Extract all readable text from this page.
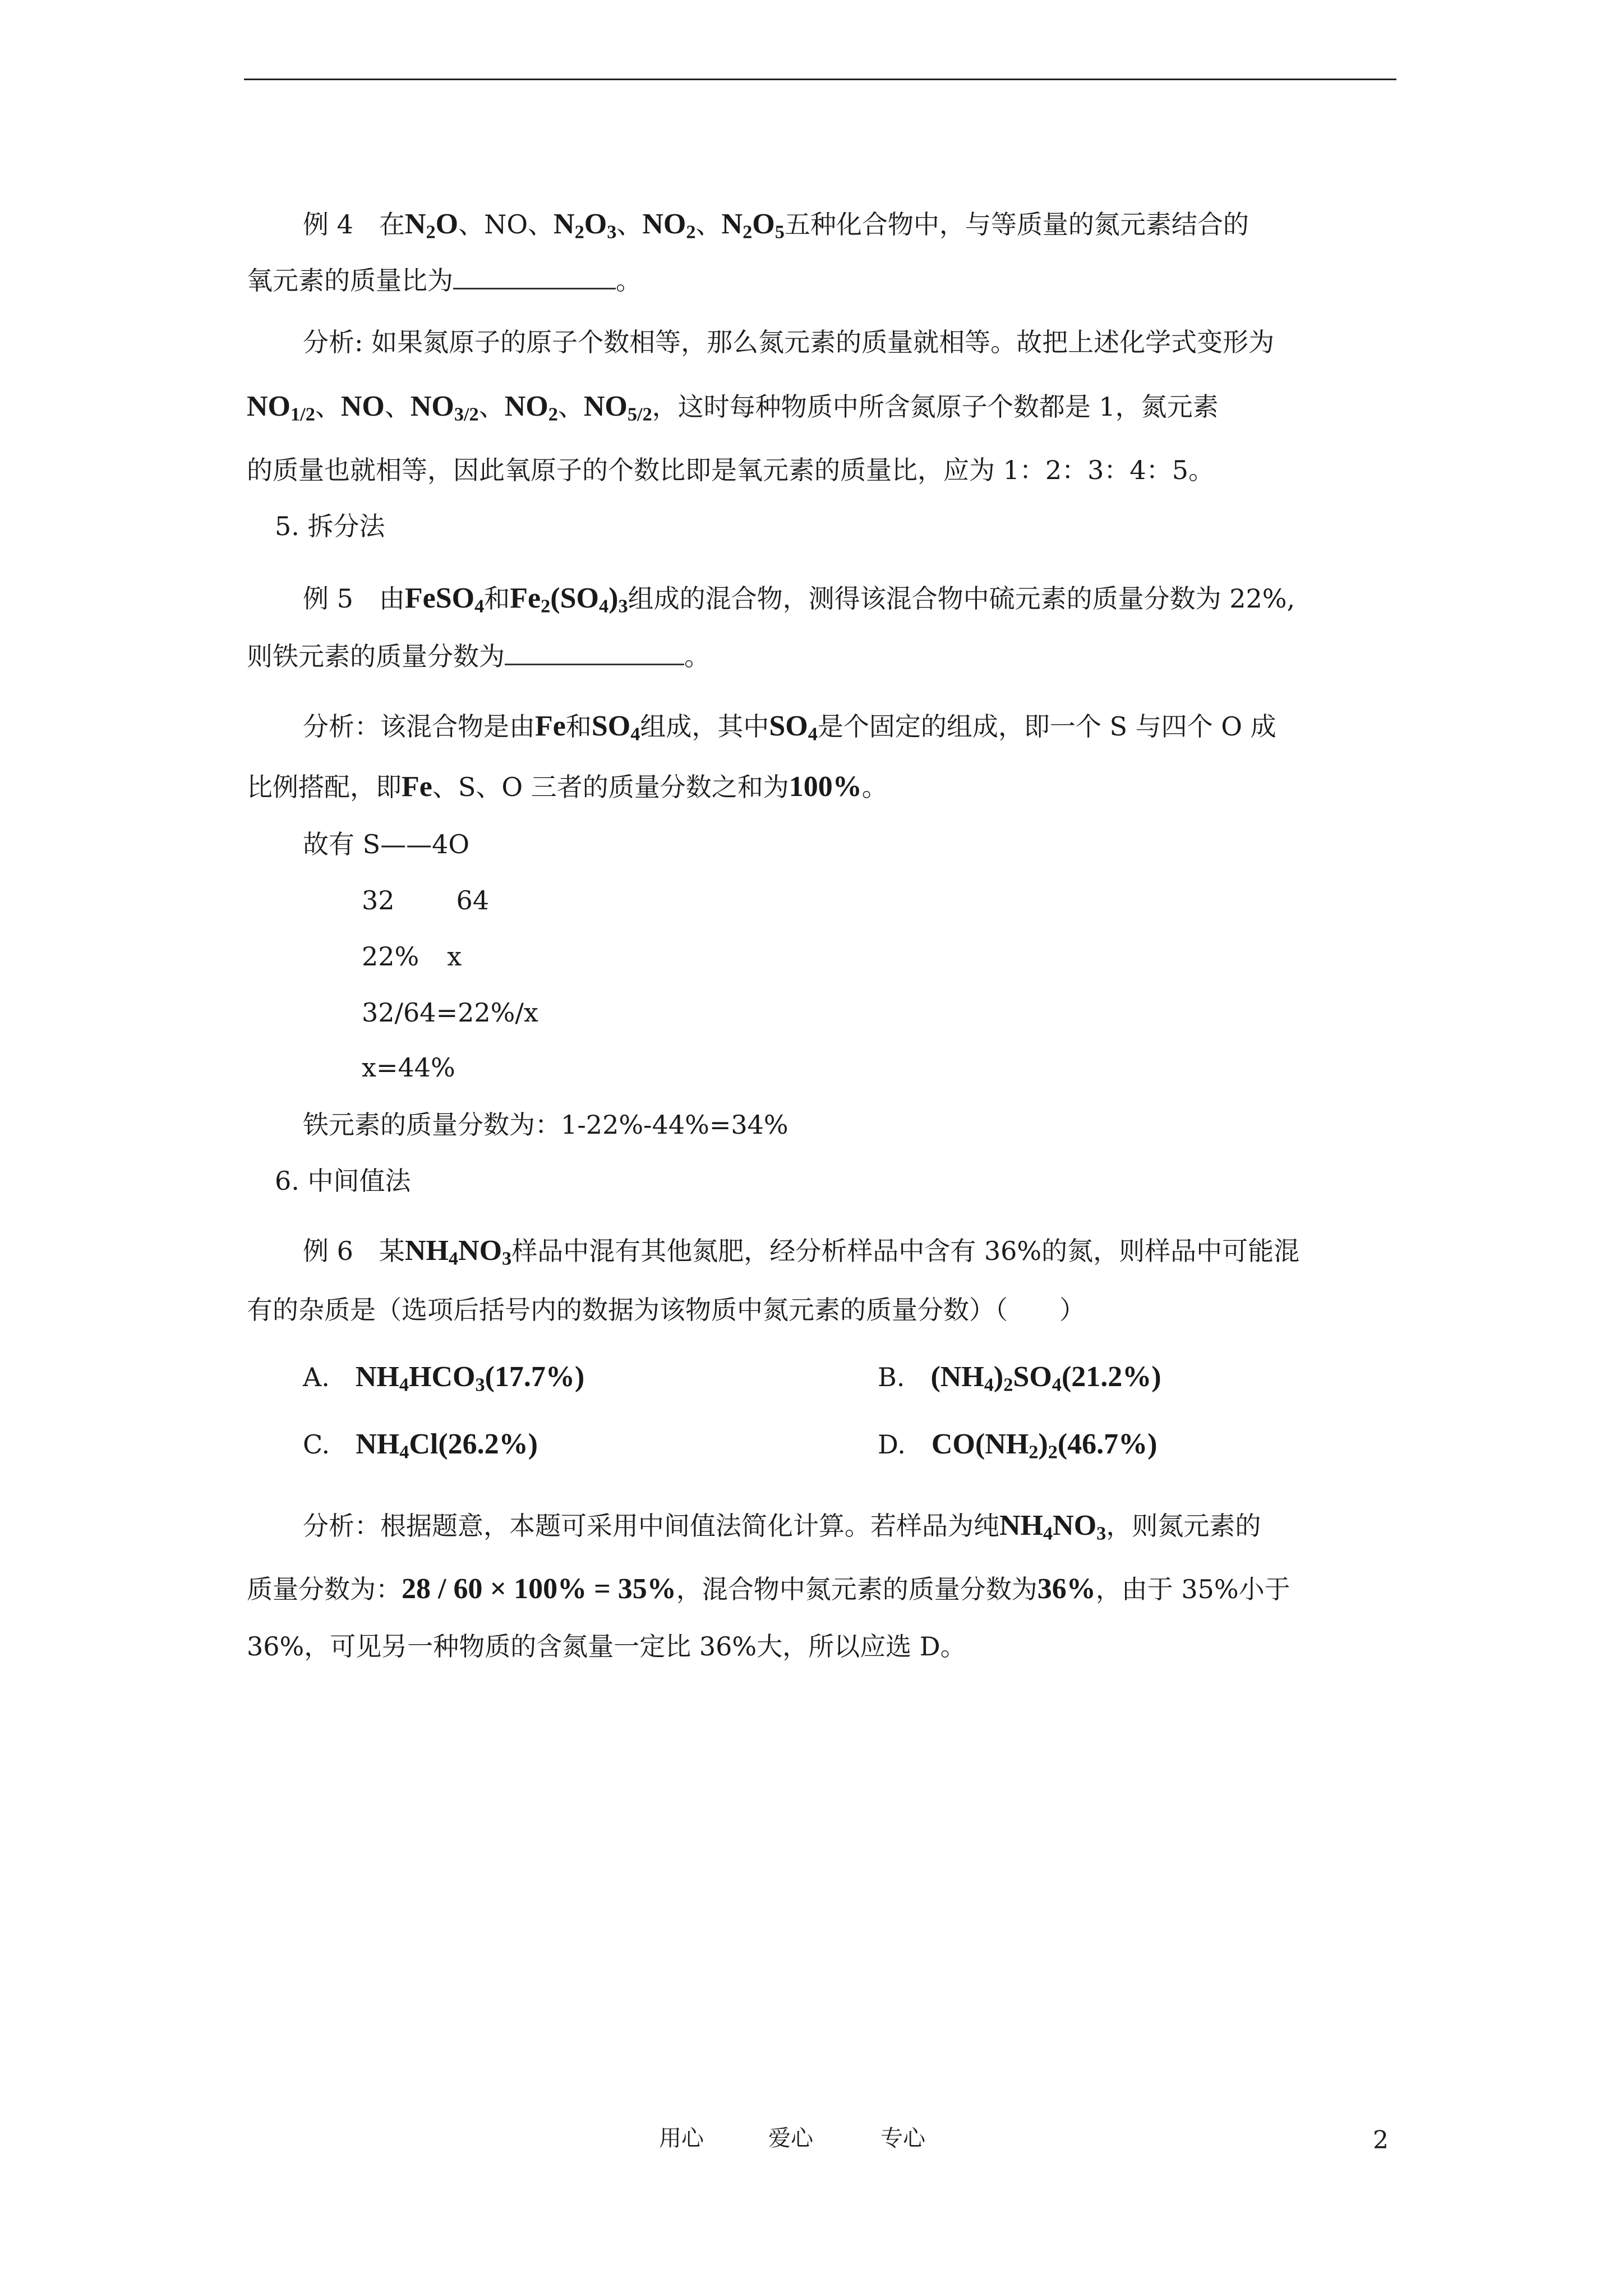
例 4　 在$N_2O$、NO、$N_2O_3$、$NO_2$、$N_2O_5$五种化合物中，与等质量的氮元素结合的
氧元素的质量比为	。
分析: 如果氮原子的原子个数相等，那么氮元素的质量就相等。故把上述化学式变形为
$NO_{1/2}$、NO、$NO_{3/2}$、$NO_2$、$NO_{5/2}$，这时每种物质中所含氮原子个数都是 1，氮元素
的质量也就相等，因此氧原子的个数比即是氧元素的质量比，应为 1：2：3：4：5。
5. 拆分法
例 5　 由FeSO$_4$和$Fe_2(SO_4)_3$组成的混合物，测得该混合物中硫元素的质量分数为 22%,
则铁元素的质量分数为	。
分析：该混合物是由Fe和$SO_4$组成，其中$SO_4$是个固定的组成，即一个 S 与四个 O 成
比例搭配，即Fe、S、O 三者的质量分数之和为100%。
故有 S——4O
32 64
22% x
32/64=22%/x
x=44%
铁元素的质量分数为：1-22%-44%=34%
6. 中间值法
例 6　 某$NH_4NO_3$样品中混有其他氮肥，经分析样品中含有 36%的氮，则样品中可能混
有的杂质是（选项后括号内的数据为该物质中氮元素的质量分数）（　　）
A.　 $NH_4HCO_3(17.7\%)$	B.　 $(NH_4)_2SO_4(21.2\%)$
C.　 $NH_4Cl(26.2\%)$	D.　 $CO(NH_2)_2(46.7\%)$
分析：根据题意，本题可采用中间值法简化计算。若样品为纯$NH_4NO_3$，则氮元素的
质量分数为：28 / 60 × 100% = 35%，混合物中氮元素的质量分数为36%，由于 35%小于
36%，可见另一种物质的含氮量一定比 36%大，所以应选 D。
用心	爱心	专心	2
